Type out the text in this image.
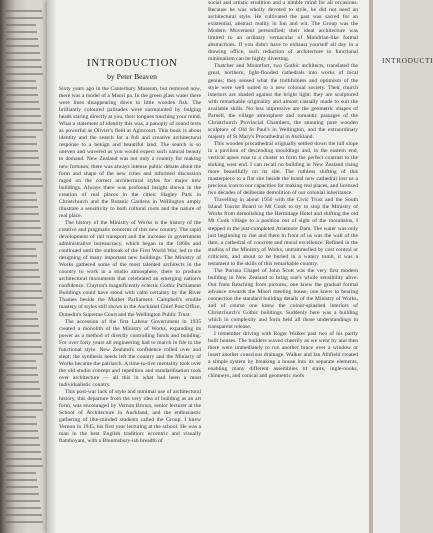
INTRODUCTION
by Peter Beaven

Sixty years ago in the Canterbury Museum, but removed now, there was a model of a Maori pa. In the green glass water there were lines disappearing down to little wooden fish. The brilliantly coloured palisades were surmounted by bulging heads staring directly at you, their tongues touching your mind. What a statement of identity this was, a panoply of sound texts as powerful as Olivier's field at Agincourt. This book is about identity and the search for a full and creative architectural response to a benign and beautiful land. The search is so uneven and wavered as you would expect such natural beauty to demand. New Zealand was not only a country for making new fortunes; there was always intense public debate about the form and shape of the new cities and informed discussion raged on the correct architectural styles for major new buildings. Always there was profound insight shown in the creation of real places in the cities: Hagley Park in Christchurch and the Botanic Gardens in Wellington amply illustrate a sensitivity to both cultural roots and the nature of real place.

The history of the Ministry of Works is the history of the creative and pragmatic concerns of this new country. The rapid development of rail transport and the increase in government administrative bureaucracy, which began in the 1860s and continued until the outbreak of the First World War, led to the designing of many important new buildings. The Ministry of Works gathered some of the most talented architects in the country to work in a studio atmosphere, there to produce architectural monuments that celebrated an emerging nation's confidence. Clayton's magnificently eclectic Gothic Parliament Buildings could have stood with calm certainty by the River Thames beside the Mother Parliament. Campbell's erudite mastery of styles still shows in the Auckland Chief Post Office, Dunedin's Supreme Court and the Wellington Public Trust.

The accession of the first Labour Government in 1935 created a monolith of the Ministry of Works, expanding its power as a method of directly controlling funds and building. For over forty years all engineering had to march in file to the functional style. New Zealand's confidence rolled over and slept; the synthesis needs left the country and the Ministry of Works became the patriarch. A time-to-live mentality took over the old studio concept and repetition and standardisation took over architecture — all this in what had been a most individualistic country.

This post-war lack of style and minimal use of architectural history, this departure from the very idea of building as an art form, was encouraged by Vernon Brown, senior lecturer at the School of Architecture in Auckland, and the enthusiastic gathering of like-minded students called the Group. I knew Vernon in 1945, his first year lecturing at the school. He was a man in the best English tradition: eccentric and visually flamboyant, with a Bloomsbury-ish breadth of

social and artistic erudition and a nimble mind for all occasions. Because he was wholly devoted to style, he did not need an architectural style. He cultivated the past was sacred for an existential, abstract reality in Ion and wit. The Group was the Modern Movement personified; their ideal architecture was limited to an ordinary vernacular of Mondrian-like formal abstractions. If you didn't have to exhaust yourself all day in a drawing office, such reduction of architecture to functional minimalism can be highly diverting.

Thatcher and Mountfort, two Gothic architects, translated the great, northern, light-flooded cathedrals into works of local genius; they sensed what the truthfulness and optimism of the style were well suited to a new colonial society. Their church interiors are shaded against the bright light; they are sculptured with remarkable originality and almost casually made to suit the available skills. No less impressive are the geometric shapes of Parnell, the village atmosphere and romantic passages of the Christchurch Provincial Chambers, the stunning pure wooden sculpture of Old St Paul's in Wellington, and the extraordinary majesty of St Mary's Procathedral in Auckland.

This wooden procathedral originally settled down the hill slope in a pavilion of descending mouldings and, in the eastern end, vertical apses rose to a cluster to form the perfect contrast to the sinking west end. I can recall no building in New Zealand rising more beautifully on its site. The ruthless shifting of this masterpiece to a flat site beside the brand new cathedral lost us a precious icon to our capacities for making real places, and licensed two decades of deliberate demolition of our colonial inheritance.

Travelling in about 1950 with the Civic Trust and the South Island Tourist Board to Mt Cook to try to stop the Ministry of Works from demolishing the Hermitage Hotel and shifting the old Mt Cook village to a position out of sight of the mountains, I stepped in the just-completed Aviemore Dam. The water was only just beginning to rise and there in front of us was the wall of the dam, a cathedral of concrete and moral excellence. Refined in the studios of the Ministry of Works, untrammelled by cost control or criticism, and about to be buried in a watery tomb, it was a testament to the skills of this remarkable country.

The Puruna Chapel of John Scott was the very first modern building in New Zealand to bring one's whole sensibility alive. Out from Reaching from pictures, one knew the gradual formal advance towards the Maori meeting house, one knew to bearing connection the standard building details of the Ministry of Works, and of course one knew the colour-splashed interiors of Christchurch's Gothic buildings. Suddenly here was a building which in complexity and form held all those understandings in transparent release.

I remember driving with Roger Walker past two of his partly built houses. The builders waved cheerily as we went by and then there were immediately to run another brace over a window or insert another conscious drainage. Walker and Ian Athfield created a simple system by breaking a house into its separate elements, enabling many different assemblies of stairs, ingle-nooks, chimneys, and conical and geometric roofs

INTRODUCTI
